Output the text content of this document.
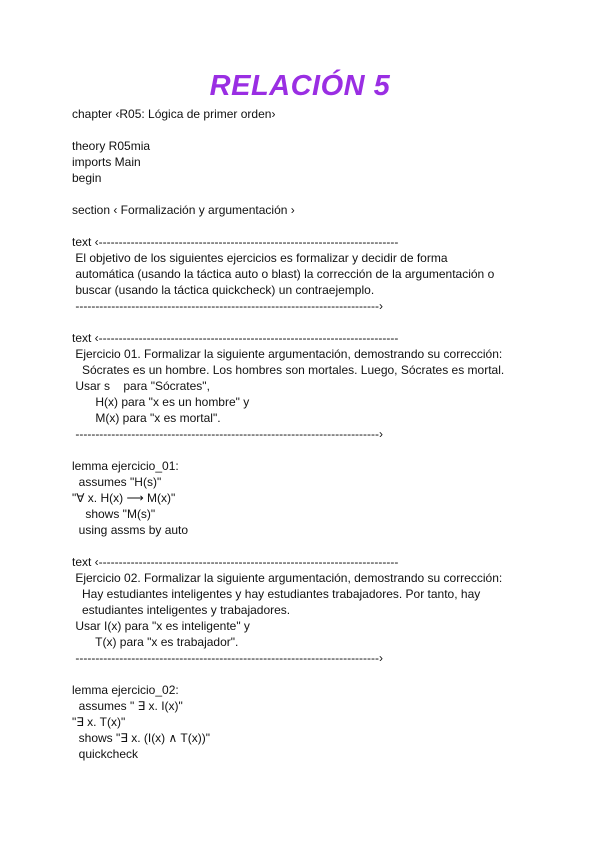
RELACIÓN 5
chapter ‹R05: Lógica de primer orden›
theory R05mia
imports Main
begin
section ‹ Formalización y argumentación ›
text ‹---------------------------------------------------------------------------
El objetivo de los siguientes ejercicios es formalizar y decidir de forma
automática (usando la táctica auto o blast) la corrección de la argumentación o
buscar (usando la táctica quickcheck) un contraejemplo.
----------------------------------------------------------------------------›
text ‹---------------------------------------------------------------------------
Ejercicio 01. Formalizar la siguiente argumentación, demostrando su corrección:
Sócrates es un hombre. Los hombres son mortales. Luego, Sócrates es mortal.
Usar s    para "Sócrates",
H(x) para "x es un hombre" y
M(x) para "x es mortal".
----------------------------------------------------------------------------›
lemma ejercicio_01:
assumes "H(s)"
"∀ x. H(x) ⟶ M(x)"
shows "M(s)"
using assms by auto
text ‹---------------------------------------------------------------------------
Ejercicio 02. Formalizar la siguiente argumentación, demostrando su corrección:
Hay estudiantes inteligentes y hay estudiantes trabajadores. Por tanto, hay
estudiantes inteligentes y trabajadores.
Usar I(x) para "x es inteligente" y
T(x) para "x es trabajador".
----------------------------------------------------------------------------›
lemma ejercicio_02:
assumes " ∃ x. I(x)"
"∃ x. T(x)"
shows "∃ x. (I(x) ∧ T(x))"
quickcheck
